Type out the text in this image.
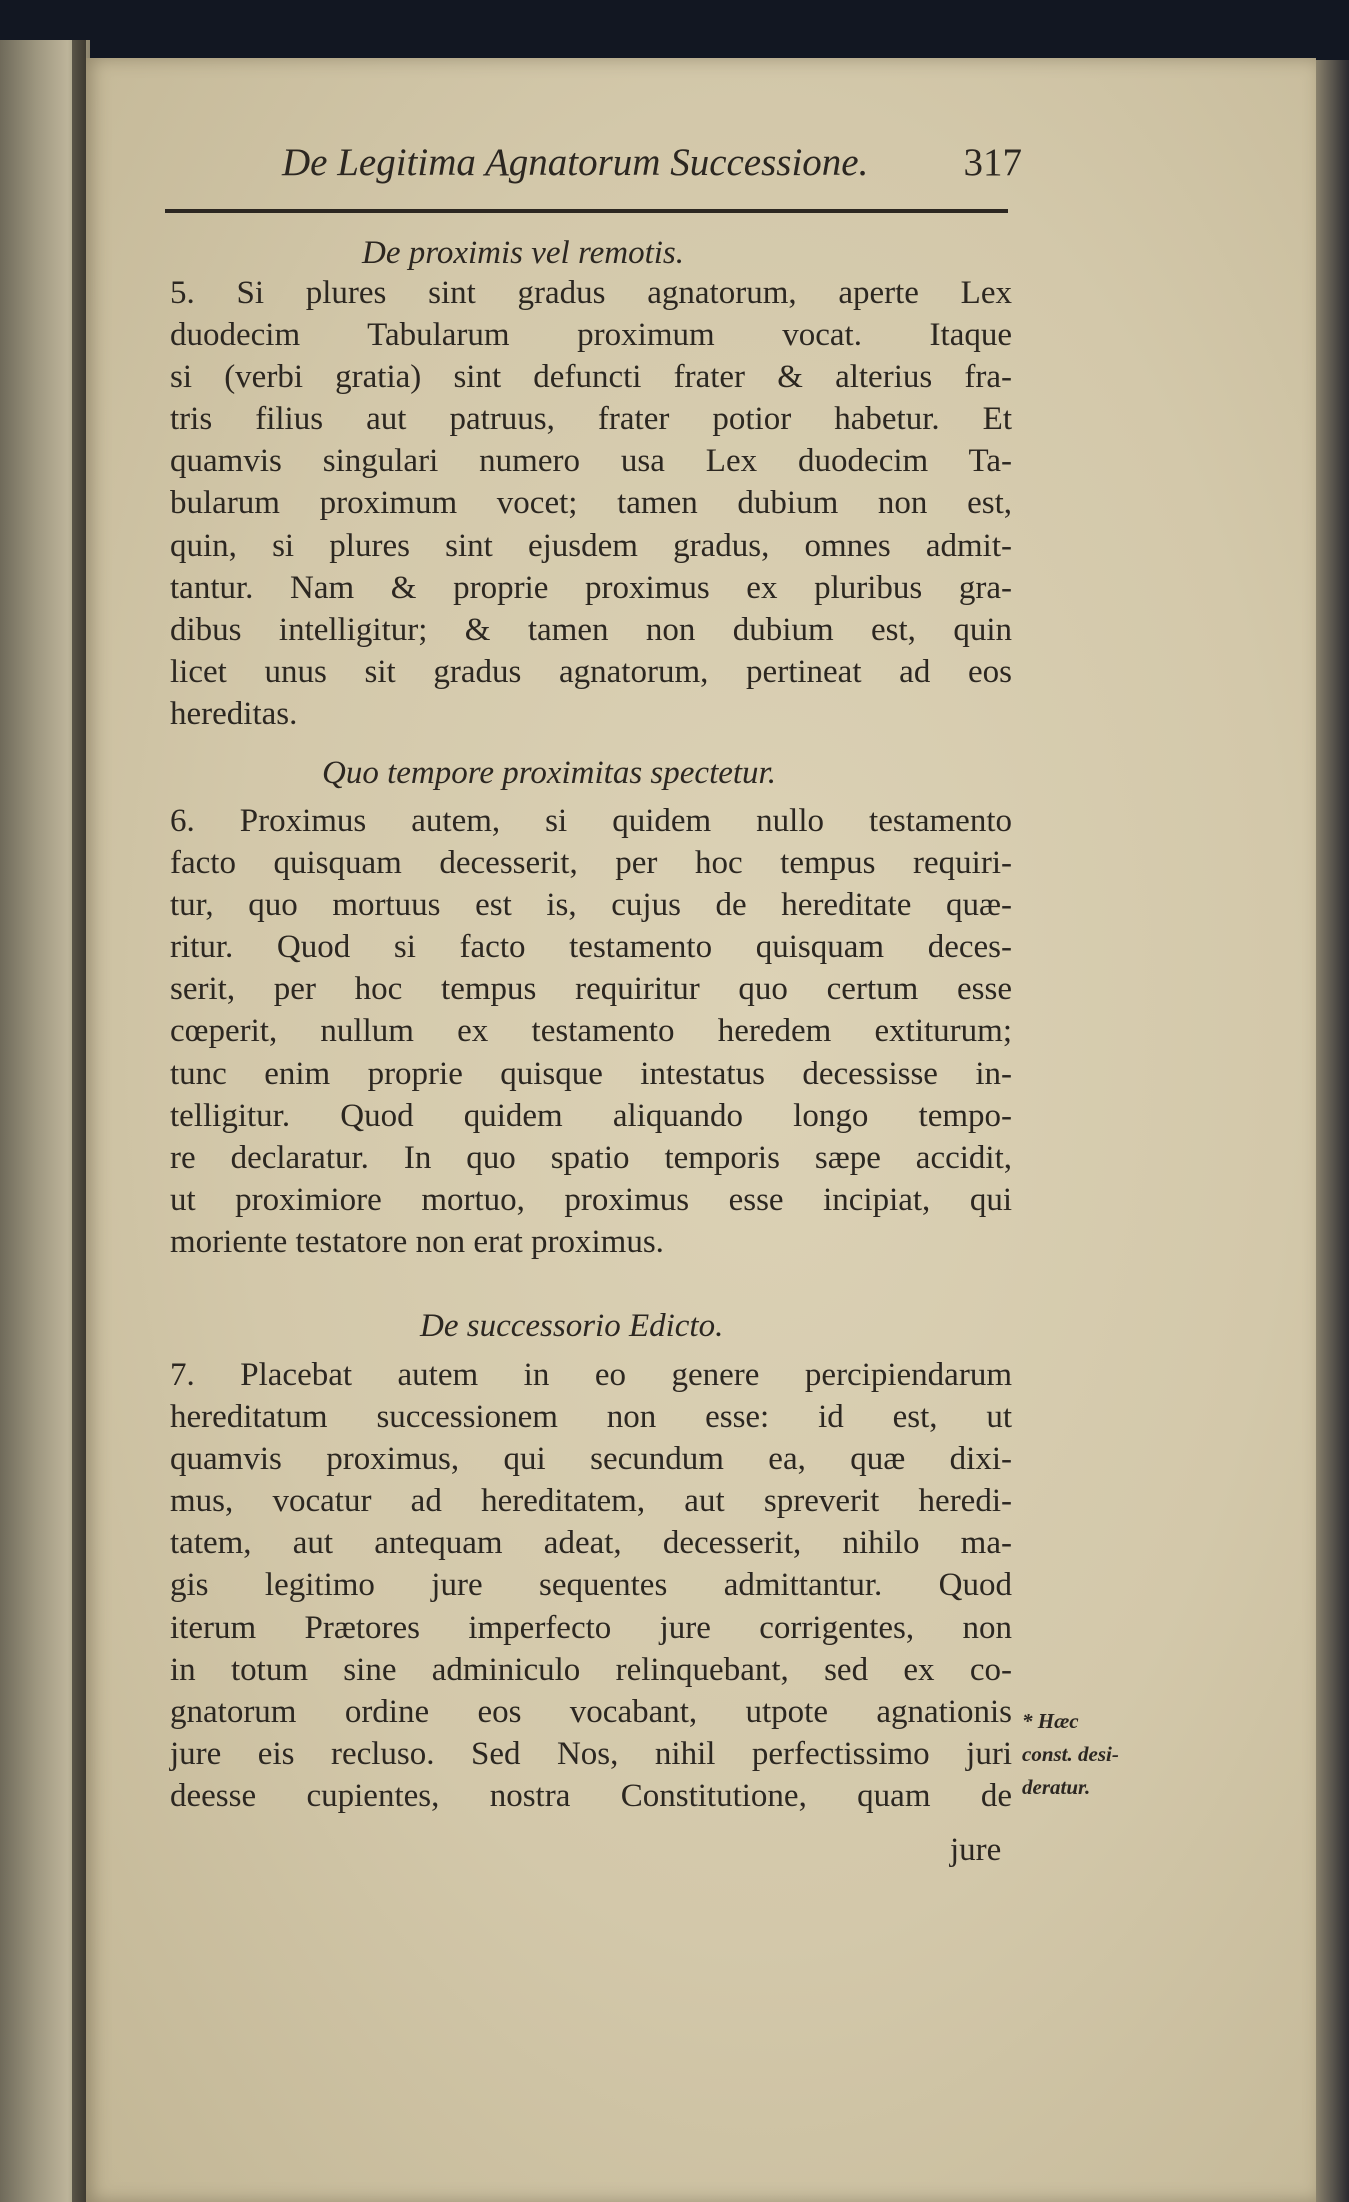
De Legitima Agnatorum Successione. 317
De proximis vel remotis.
5. Si plures sint gradus agnatorum, aperte Lex
duodecim Tabularum proximum vocat. Itaque
si (verbi gratia) sint defuncti frater & alterius fra-
tris filius aut patruus, frater potior habetur. Et
quamvis singulari numero usa Lex duodecim Ta-
bularum proximum vocet; tamen dubium non est,
quin, si plures sint ejusdem gradus, omnes admit-
tantur. Nam & proprie proximus ex pluribus gra-
dibus intelligitur; & tamen non dubium est, quin
licet unus sit gradus agnatorum, pertineat ad eos
hereditas.
Quo tempore proximitas spectetur.
6. Proximus autem, si quidem nullo testamento
facto quisquam decesserit, per hoc tempus requiri-
tur, quo mortuus est is, cujus de hereditate quæ-
ritur. Quod si facto testamento quisquam deces-
serit, per hoc tempus requiritur quo certum esse
cœperit, nullum ex testamento heredem extiturum;
tunc enim proprie quisque intestatus decessisse in-
telligitur. Quod quidem aliquando longo tempo-
re declaratur. In quo spatio temporis sæpe accidit,
ut proximiore mortuo, proximus esse incipiat, qui
moriente testatore non erat proximus.
De successorio Edicto.
7. Placebat autem in eo genere percipiendarum
hereditatum successionem non esse: id est, ut
quamvis proximus, qui secundum ea, quæ dixi-
mus, vocatur ad hereditatem, aut spreverit heredi-
tatem, aut antequam adeat, decesserit, nihilo ma-
gis legitimo jure sequentes admittantur. Quod
iterum Prætores imperfecto jure corrigentes, non
in totum sine adminiculo relinquebant, sed ex co-
gnatorum ordine eos vocabant, utpote agnationis
jure eis recluso. Sed Nos, nihil perfectissimo juri
deesse cupientes, nostra Constitutione, quam de
jure
* Hæc
const. desi-
deratur.
